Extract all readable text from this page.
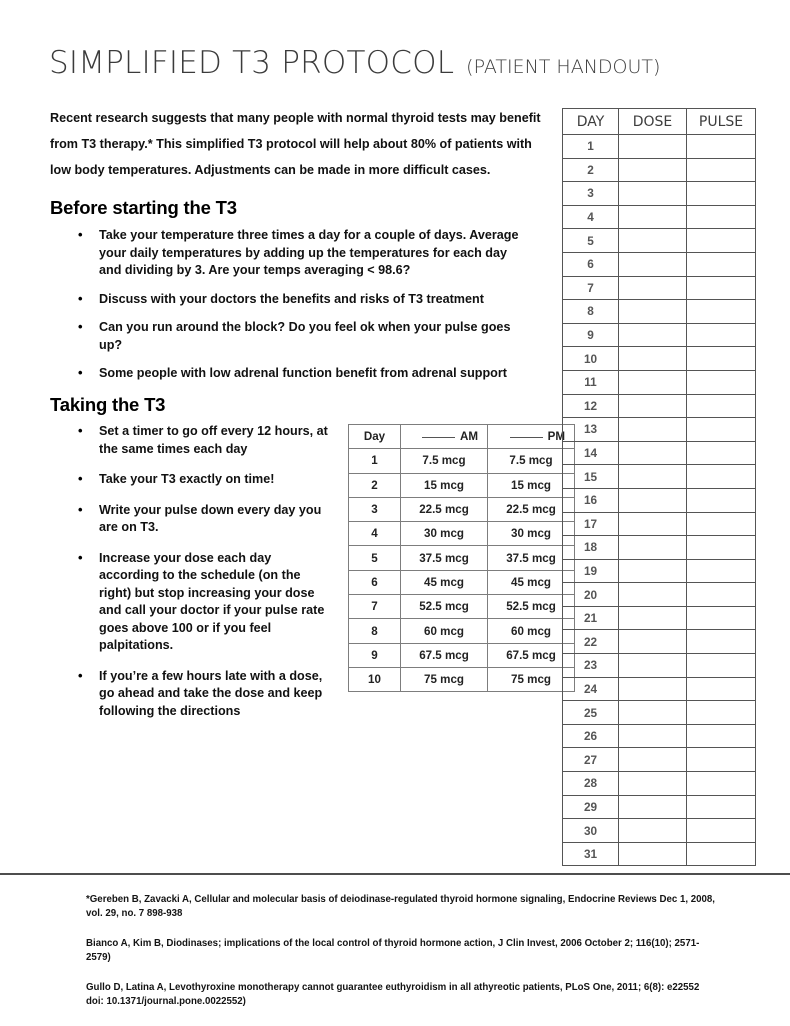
SIMPLIFIED T3 PROTOCOL (PATIENT HANDOUT)
Recent research suggests that many people with normal thyroid tests may benefit from T3 therapy.* This simplified T3 protocol will help about 80% of patients with low body temperatures. Adjustments can be made in more difficult cases.
Before starting the T3
• Take your temperature three times a day for a couple of days. Average your daily temperatures by adding up the temperatures for each day and dividing by 3. Are your temps averaging < 98.6?
• Discuss with your doctors the benefits and risks of T3 treatment
• Can you run around the block? Do you feel ok when your pulse goes up?
• Some people with low adrenal function benefit from adrenal support
Taking the T3
• Set a timer to go off every 12 hours, at the same times each day
• Take your T3 exactly on time!
• Write your pulse down every day you are on T3.
• Increase your dose each day according to the schedule (on the right) but stop increasing your dose and call your doctor if your pulse rate goes above 100 or if you feel palpitations.
• If you’re a few hours late with a dose, go ahead and take the dose and keep following the directions
Day	AM	PM
1	7.5 mcg	7.5 mcg
2	15 mcg	15 mcg
3	22.5 mcg	22.5 mcg
4	30 mcg	30 mcg
5	37.5 mcg	37.5 mcg
6	45 mcg	45 mcg
7	52.5 mcg	52.5 mcg
8	60 mcg	60 mcg
9	67.5 mcg	67.5 mcg
10	75 mcg	75 mcg
DAY	DOSE	PULSE
1		
2		
3		
4		
5		
6		
7		
8		
9		
10		
11		
12		
13		
14		
15		
16		
17		
18		
19		
20		
21		
22		
23		
24		
25		
26		
27		
28		
29		
30		
31		

*Gereben B, Zavacki A, Cellular and molecular basis of deiodinase-regulated thyroid hormone signaling, Endocrine Reviews Dec 1, 2008, vol. 29, no. 7 898-938

Bianco A, Kim B, Diodinases; implications of the local control of thyroid hormone action, J Clin Invest, 2006 October 2; 116(10); 2571-2579)

Gullo D, Latina A, Levothyroxine monotherapy cannot guarantee euthyroidism in all athyreotic patients, PLoS One, 2011; 6(8): e22552 doi: 10.1371/journal.pone.0022552)
